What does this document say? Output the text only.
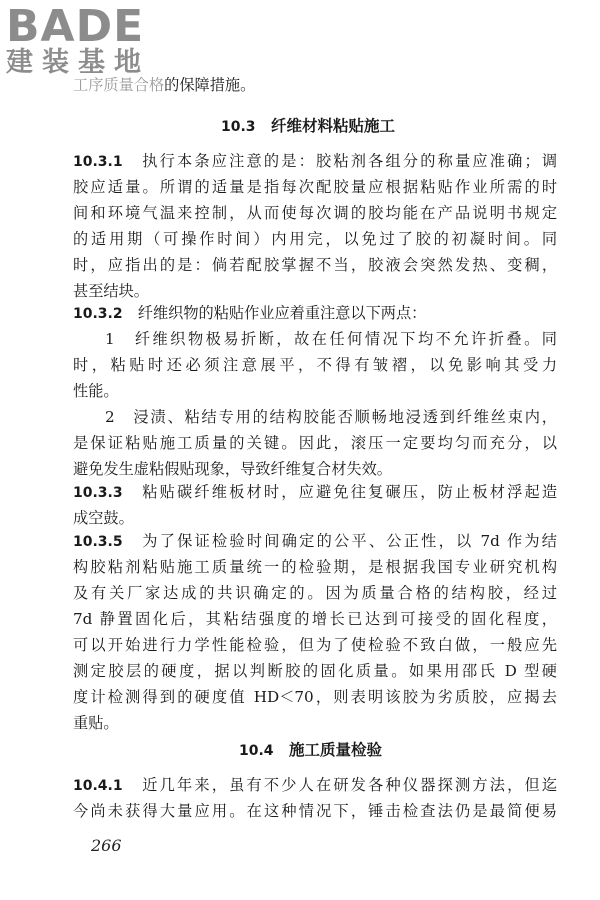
BADE
建装基地
工序质量合格的保障措施。
10.3 纤维材料粘贴施工
10.3.1　 执行本条应注意的是：胶粘剂各组分的称量应准确；调
胶应适量。所谓的适量是指每次配胶量应根据粘贴作业所需的时
间和环境气温来控制，从而使每次调的胶均能在产品说明书规定
的适用期（可操作时间）内用完，以免过了胶的初凝时间。同
时，应指出的是：倘若配胶掌握不当，胶液会突然发热、变稠，
甚至结块。
10.3.2　 纤维织物的粘贴作业应着重注意以下两点：
1　纤维织物极易折断，故在任何情况下均不允许折叠。同
时，粘贴时还必须注意展平，不得有皱褶，以免影响其受力
性能。
2　浸渍、粘结专用的结构胶能否顺畅地浸透到纤维丝束内，
是保证粘贴施工质量的关键。因此，滚压一定要均匀而充分，以
避免发生虚粘假贴现象，导致纤维复合材失效。
10.3.3　 粘贴碳纤维板材时，应避免往复碾压，防止板材浮起造
成空鼓。
10.3.5　 为了保证检验时间确定的公平、公正性，以 7d 作为结
构胶粘剂粘贴施工质量统一的检验期，是根据我国专业研究机构
及有关厂家达成的共识确定的。因为质量合格的结构胶，经过
7d 静置固化后，其粘结强度的增长已达到可接受的固化程度，
可以开始进行力学性能检验，但为了使检验不致白做，一般应先
测定胶层的硬度，据以判断胶的固化质量。如果用邵氏 D 型硬
度计检测得到的硬度值 HD＜70，则表明该胶为劣质胶，应揭去
重贴。
10.4 施工质量检验
10.4.1　 近几年来，虽有不少人在研发各种仪器探测方法，但迄
今尚未获得大量应用。在这种情况下，锤击检查法仍是最简便易
266
